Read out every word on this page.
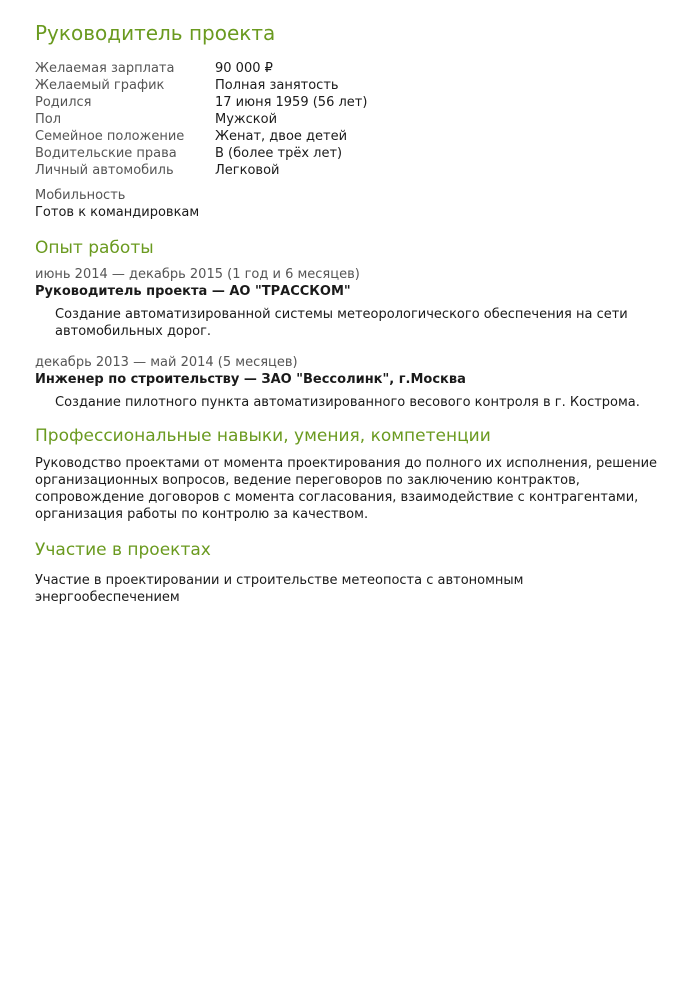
Руководитель проекта
Желаемая зарплата	90 000 ₽
Желаемый график	Полная занятость
Родился	17 июня 1959 (56 лет)
Пол	Мужской
Семейное положение	Женат, двое детей
Водительские права	B (более трёх лет)
Личный автомобиль	Легковой
Мобильность
Готов к командировкам
Опыт работы
июнь 2014 — декабрь 2015 (1 год и 6 месяцев)
Руководитель проекта — АО "ТРАССКОМ"
Создание автоматизированной системы метеорологического обеспечения на сети автомобильных дорог.
декабрь 2013 — май 2014 (5 месяцев)
Инженер по строительству — ЗАО "Вессолинк", г.Москва
Создание пилотного пункта автоматизированного весового контроля в г. Кострома.
Профессиональные навыки, умения, компетенции
Руководство проектами от момента проектирования до полного их исполнения, решение организационных вопросов, ведение переговоров по заключению контрактов, сопровождение договоров с момента согласования, взаимодействие с контрагентами, организация работы по контролю за качеством.
Участие в проектах
Участие в проектировании и строительстве метеопоста с автономным энергообеспечением
